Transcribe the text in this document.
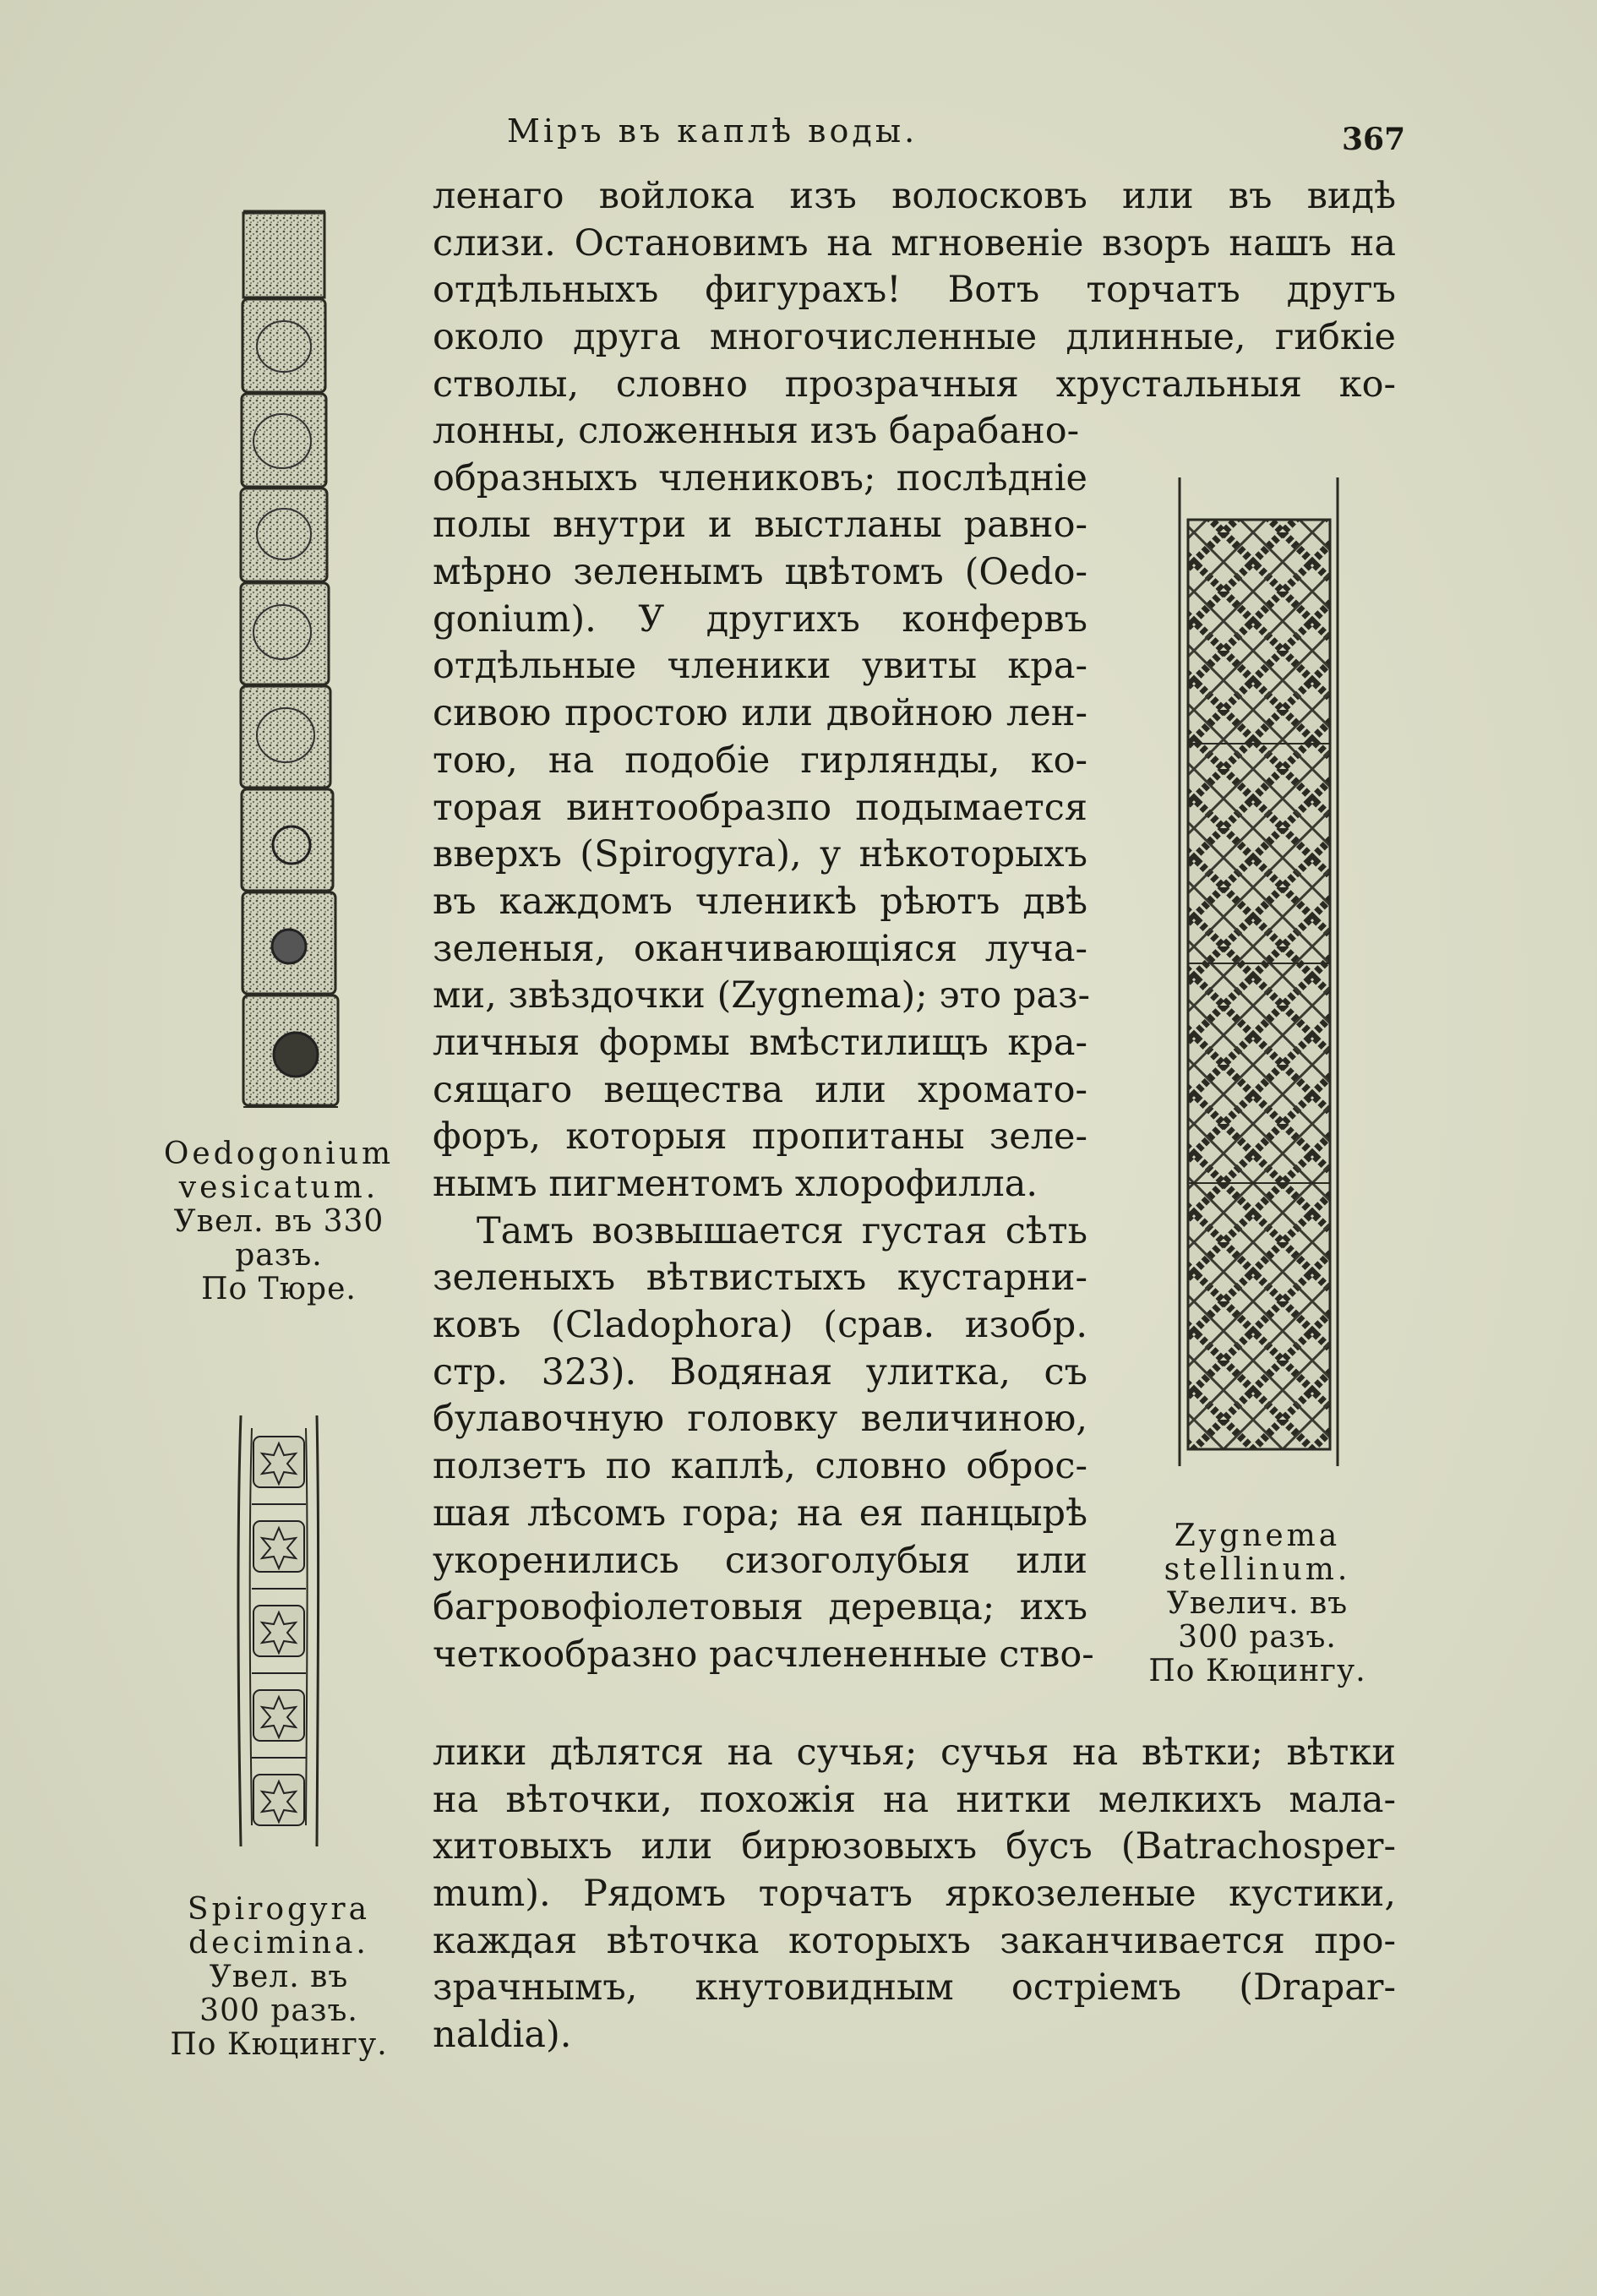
Міръ въ каплѣ воды.	367
ленаго войлока изъ волосковъ или въ видѣ
слизи. Остановимъ на мгновеніе взоръ нашъ на
отдѣльныхъ фигурахъ! Вотъ торчатъ другъ
около друга многочисленные длинные, гибкіе
стволы, словно прозрачныя хрустальныя ко-
лонны, сложенныя изъ барабано-
образныхъ члениковъ; послѣдніе
полы внутри и выстланы равно-
мѣрно зеленымъ цвѣтомъ (Oedo-
gonium). У другихъ конфервъ
отдѣльные членики увиты кра-
сивою простою или двойною лен-
тою, на подобіе гирлянды, ко-
торая винтообразпо подымается
вверхъ (Spirogyra), у нѣкоторыхъ
въ каждомъ членикѣ рѣютъ двѣ
зеленыя, оканчивающіяся луча-
ми, звѣздочки (Zygnema); это раз-
личныя формы вмѣстилищъ кра-
сящаго вещества или хромато-
форъ, которыя пропитаны зеле-
нымъ пигментомъ хлорофилла.
Тамъ возвышается густая сѣть
зеленыхъ вѣтвистыхъ кустарни-
ковъ (Cladophora) (срав. изобр.
стр. 323). Водяная улитка, съ
булавочную головку величиною,
ползетъ по каплѣ, словно оброс-
шая лѣсомъ гора; на ея панцырѣ
укоренились сизоголубыя или
багровофіолетовыя деревца; ихъ
четкообразно расчлененные ство-
лики дѣлятся на сучья; сучья на вѣтки; вѣтки
на вѣточки, похожія на нитки мелкихъ мала-
хитовыхъ или бирюзовыхъ бусъ (Batrachosper-
mum). Рядомъ торчатъ яркозеленые кустики,
каждая вѣточка которыхъ заканчивается про-
зрачнымъ, кнутовидным остріемъ (Drapar-
naldia).
Oedogonium
vesicatum.
Увел. въ 330
разъ.
По Тюре.
Spirogyra
decimina.
Увел. въ
300 разъ.
По Кюцингу.
Zygnema
stellinum.
Увелич. въ
300 разъ.
По Кюцингу.
